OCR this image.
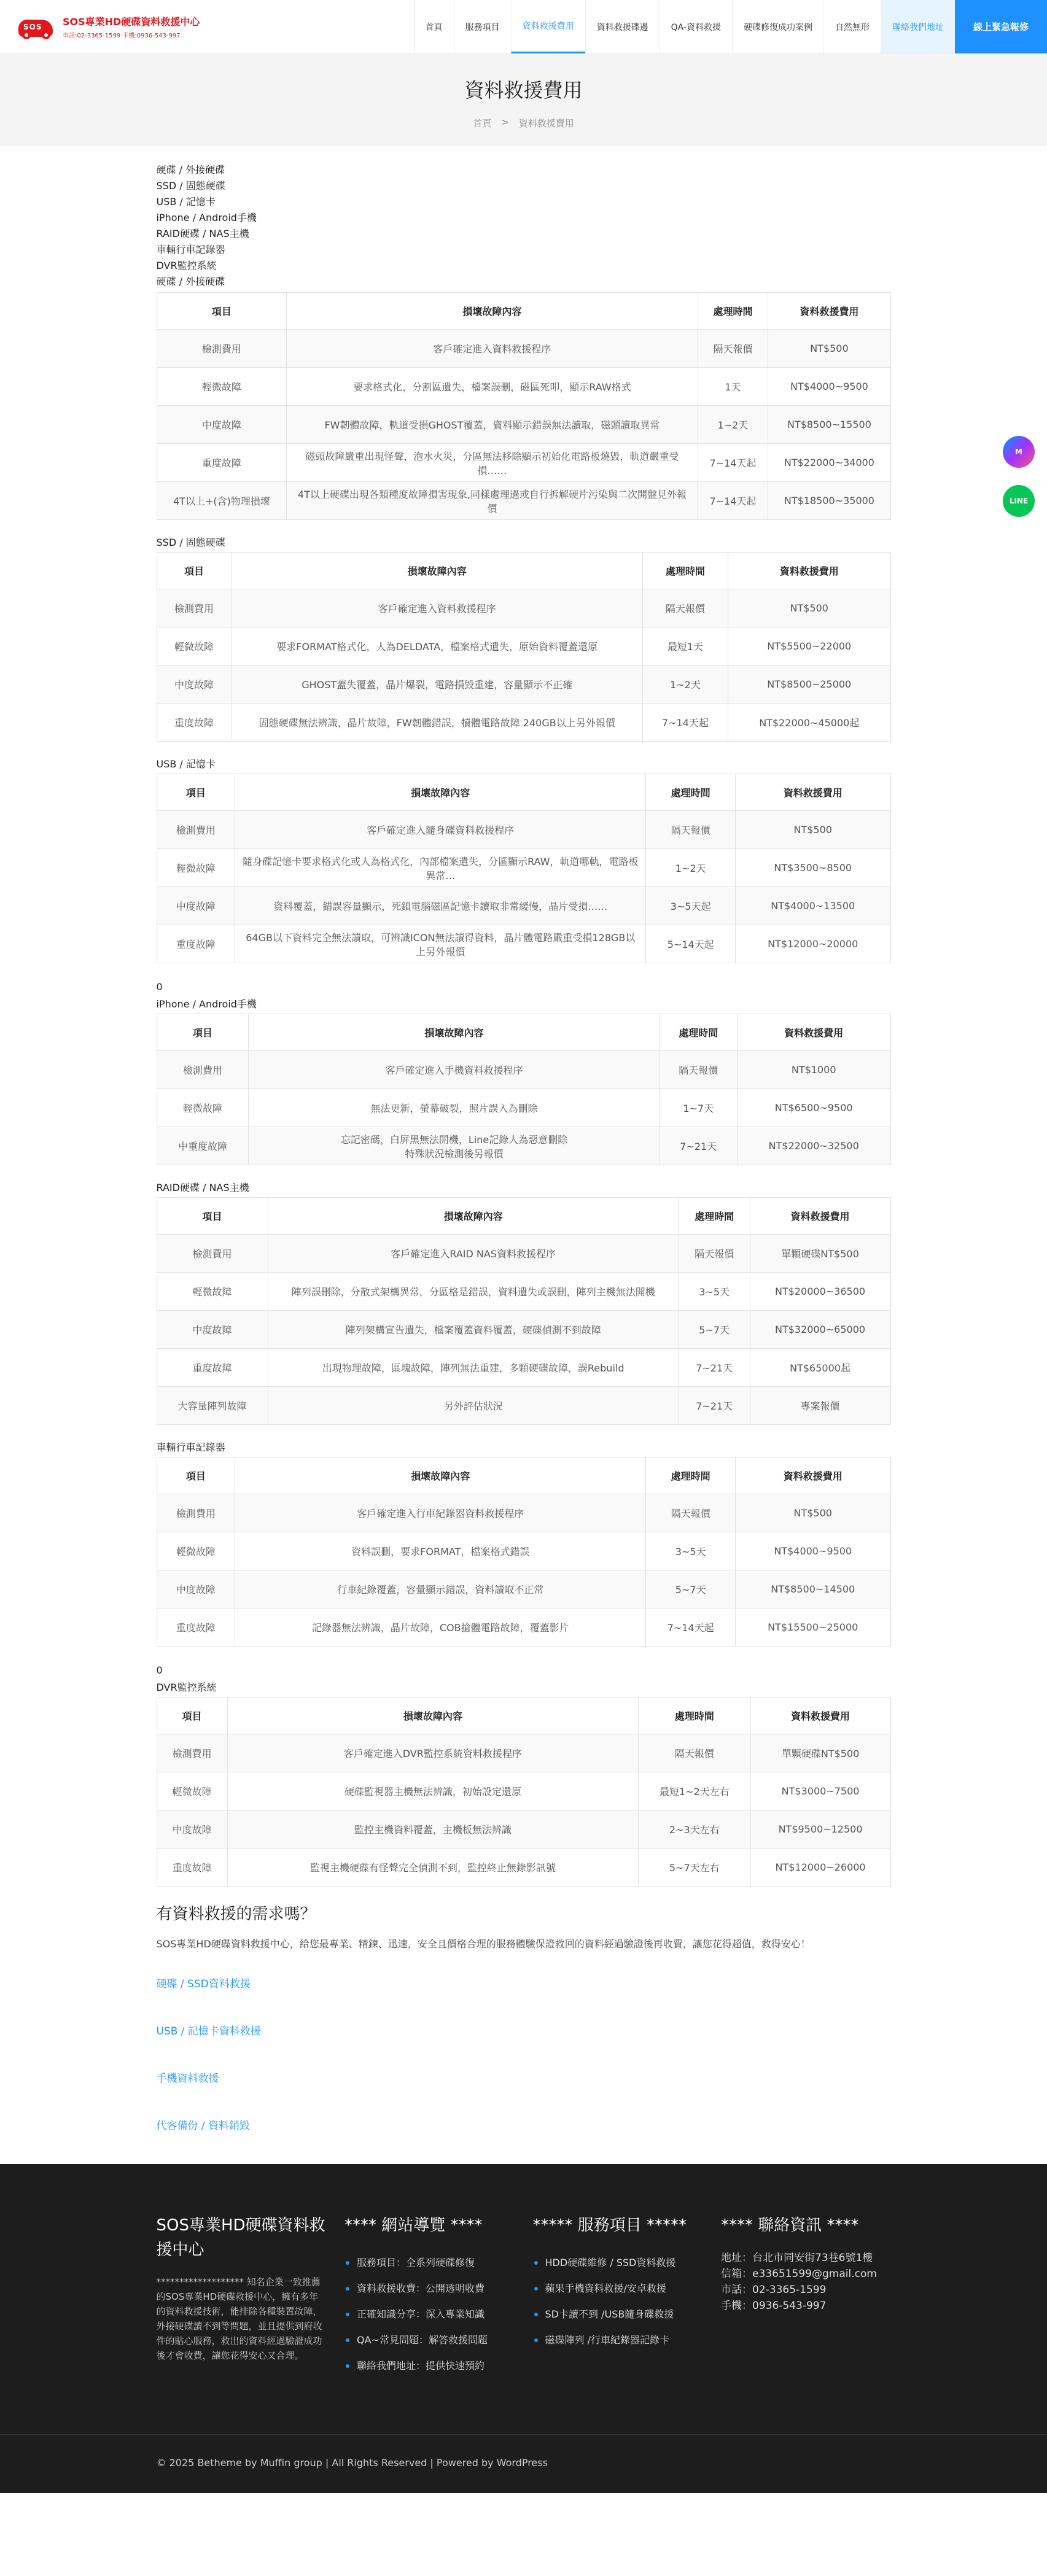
SOS SOS專業HD硬碟資料救援中心
市話:02-3365-1599 手機:0936-543-997
首頁	服務項目	資料救援費用	資料救援碟邊	QA-資料救援	硬碟修復成功案例	自然無形	聯絡我們地址	線上緊急報修
資料救援費用
首頁 > 資料救援費用
硬碟 / 外接硬碟
SSD / 固態硬碟
USB / 記憶卡
iPhone / Android手機
RAID硬碟 / NAS主機
車輛行車記錄器
DVR監控系統
硬碟 / 外接硬碟
項目	損壞故障內容	處理時間	資料救援費用
檢測費用	客戶確定進入資料救援程序	隔天報價	NT$500
輕微故障	要求格式化，分割區遺失，檔案誤刪，磁區死叩，顯示RAW格式	1天	NT$4000~9500
中度故障	FW韌體故障，軌道受損GHOST覆蓋，資料顯示錯誤無法讀取，磁頭讀取異常	1~2天	NT$8500~15500
重度故障	磁頭故障嚴重出現怪聲，泡水火災，分區無法移除顯示初始化電路板燒毀，軌道嚴重受損……	7~14天起	NT$22000~34000
4T以上+(含)物理損壞	4T以上硬碟出現各類種度故障損害現象,同樣處理過或自行拆解硬片污染與二次開盤見外報價	7~14天起	NT$18500~35000
SSD / 固態硬碟
項目	損壞故障內容	處理時間	資料救援費用
檢測費用	客戶確定進入資料救援程序	隔天報價	NT$500
輕微故障	要求FORMAT格式化，人為DELDATA，檔案格式遺失，原始資料覆蓋還原	最短1天	NT$5500~22000
中度故障	GHOST蓋失覆蓋，晶片爆裂，電路損毀重建，容量顯示不正確	1~2天	NT$8500~25000
重度故障	固態硬碟無法辨識，晶片故障，FW韌體錯誤，犢體電路故障 240GB以上另外報價	7~14天起	NT$22000~45000起
USB / 記憶卡
項目	損壞故障內容	處理時間	資料救援費用
檢測費用	客戶確定進入隨身碟資料救援程序	隔天報價	NT$500
輕微故障	隨身碟記憶卡要求格式化或人為格式化，內部檔案遺失，分區顯示RAW，軌道哪軌，電路板異常…	1~2天	NT$3500~8500
中度故障	資料覆蓋，錯誤容量顯示，死鎖電腦磁區記憶卡讀取非常緩慢，晶片受損……	3~5天起	NT$4000~13500
重度故障	64GB以下資料完全無法讀取，可辨識ICON無法讀得資料，晶片體電路嚴重受損128GB以上另外報價	5~14天起	NT$12000~20000
0
iPhone / Android手機
項目	損壞故障內容	處理時間	資料救援費用
檢測費用	客戶確定進入手機資料救援程序	隔天報價	NT$1000
輕微故障	無法更新，螢幕破裂，照片誤入為刪除	1~7天	NT$6500~9500
中重度故障	忘記密碼，白屏黑無法開機，Line記錄人為惡意刪除
特殊狀況檢測後另報價	7~21天	NT$22000~32500
RAID硬碟 / NAS主機
項目	損壞故障內容	處理時間	資料救援費用
檢測費用	客戶確定進入RAID NAS資料救援程序	隔天報價	單顆硬碟NT$500
輕微故障	陣列誤刪除，分散式架構異常，分區格是錯誤，資料遺失或誤刪，陣列主機無法開機	3~5天	NT$20000~36500
中度故障	陣列架構宣告遺失，檔案覆蓋資料覆蓋，硬碟偵測不到故障	5~7天	NT$32000~65000
重度故障	出現物理故障，區塊故障，陣列無法重建，多顆硬碟故障，誤Rebuild	7~21天	NT$65000起
大容量陣列故障	另外評估狀況	7~21天	專案報價
車輛行車記錄器
項目	損壞故障內容	處理時間	資料救援費用
檢測費用	客戶確定進入行車紀錄器資料救援程序	隔天報價	NT$500
輕微故障	資料誤刪，要求FORMAT，檔案格式錯誤	3~5天	NT$4000~9500
中度故障	行車紀錄覆蓋，容量顯示錯誤，資料讀取不正常	5~7天	NT$8500~14500
重度故障	記錄器無法辨識，晶片故障，COB搶體電路故障，覆蓋影片	7~14天起	NT$15500~25000
0
DVR監控系統
項目	損壞故障內容	處理時間	資料救援費用
檢測費用	客戶確定進入DVR監控系統資料救援程序	隔天報價	單顆硬碟NT$500
輕微故障	硬碟監視器主機無法辨識，初始設定還原	最短1~2天左右	NT$3000~7500
中度故障	監控主機資料覆蓋，主機板無法辨識	2~3天左右	NT$9500~12500
重度故障	監視主機硬碟有怪聲完全偵測不到，監控終止無錄影訊號	5~7天左右	NT$12000~26000
有資料救援的需求嗎？

SOS專業HD硬碟資料救援中心，給您最專業、精鍊、迅速，安全且價格合理的服務體驗保證救回的資料經過驗證後再收費，讓您花得超值，救得安心！

硬碟 / SSD資料救援
USB / 記憶卡資料救援
手機資料救援
代客備份 / 資料銷毀
SOS專業HD硬碟資料救援中心

******************* 知名企業一致推薦的SOS專業HD硬碟救援中心，擁有多年的資料救援技術，能排除各種裝置故障，外接硬碟讀不到等問題，並且提供到府收件的貼心服務，救出的資料經過驗證成功後才會收費，讓您花得安心又合理。

**** 網站導覽 ****
服務項目：全系列硬碟修復
資料救援收費：公開透明收費
正確知識分享：深入專業知識
QA~常見問題：解答救援問題
聯絡我們地址：提供快速預約
***** 服務項目 *****
HDD硬碟維修 / SSD資料救援
蘋果手機資料救援/安卓救援
SD卡讀不到 /USB隨身碟救援
磁碟陣列 /行車紀錄器記錄卡
**** 聯絡資訊 ****
地址：台北市同安街73巷6號1樓
信箱：e33651599@gmail.com
市話：02-3365-1599
手機：0936-543-997
© 2025 Betheme by Muffin group | All Rights Reserved | Powered by WordPress
M
LINE
